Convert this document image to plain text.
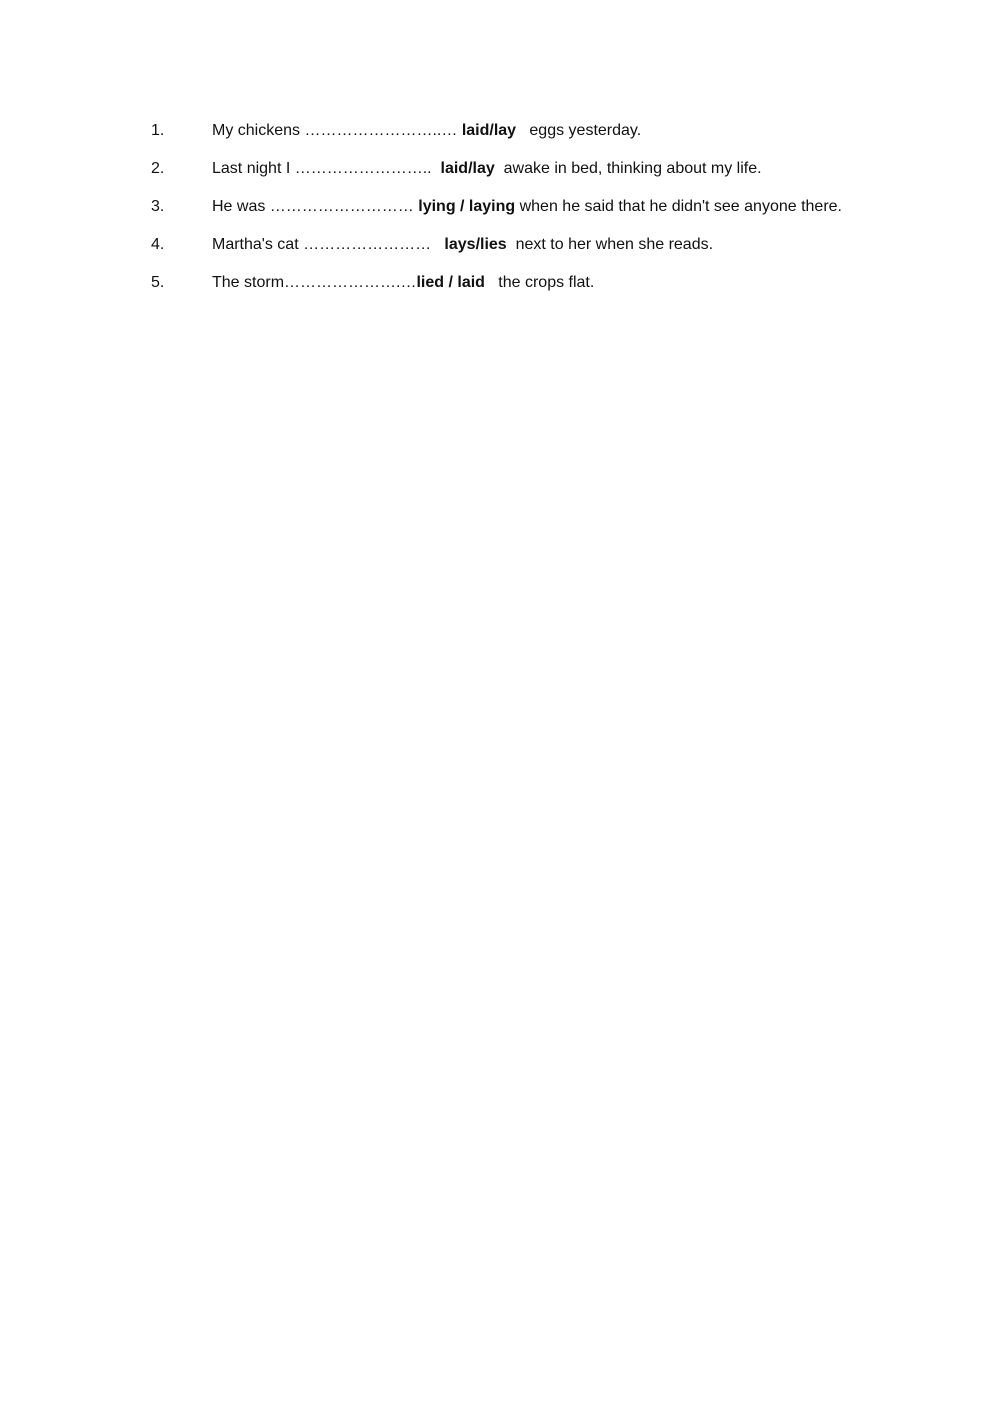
1.	My chickens ……………………..… laid/lay   eggs yesterday.
2.	Last night I ……………………..  laid/lay  awake in bed, thinking about my life.
3.	He was ……………………… lying / laying when he said that he didn't see anyone there.
4.	Martha's cat ……………………   lays/lies  next to her when she reads.
5.	The storm………………….…lied / laid   the crops flat.
